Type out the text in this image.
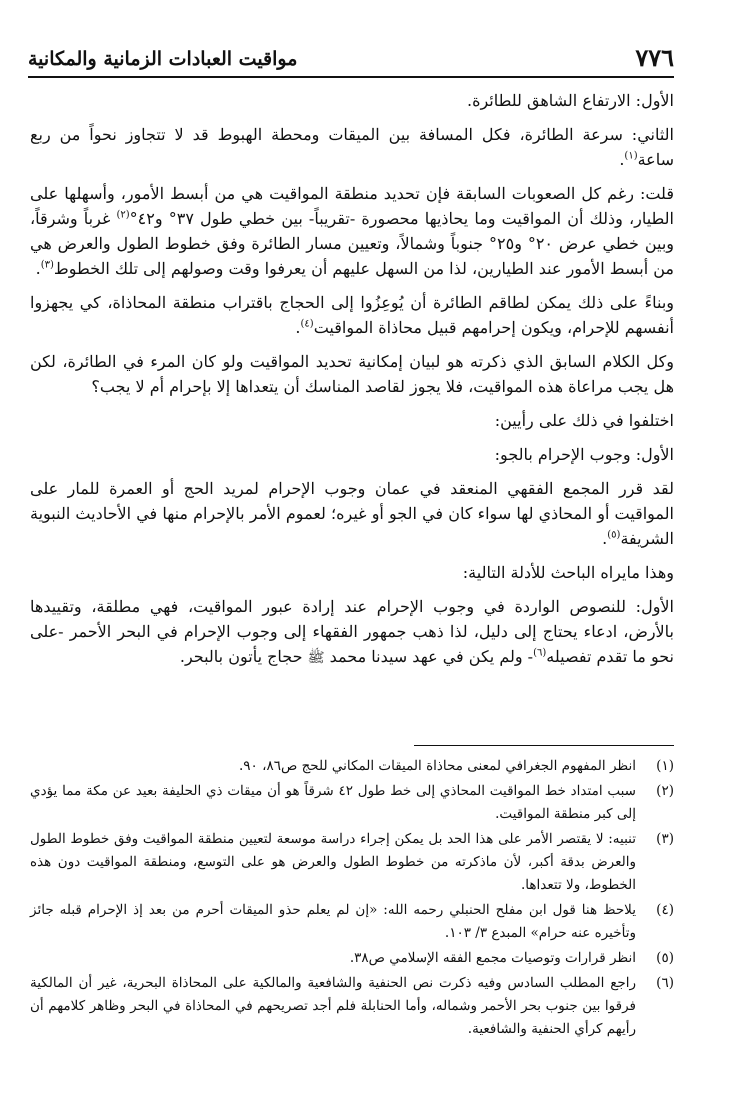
٧٧٦
مواقيت العبادات الزمانية والمكانية

الأول: الارتفاع الشاهق للطائرة.

الثاني: سرعة الطائرة، فكل المسافة بين الميقات ومحطة الهبوط قد لا تتجاوز نحواً من ربع ساعة$^{(١)}$.

قلت: رغم كل الصعوبات السابقة فإن تحديد منطقة المواقيت هي من أبسط الأمور، وأسهلها على الطيار، وذلك أن المواقيت وما يحاذيها محصورة -تقريباً- بين خطي طول ٣٧° و٤٢°$^{(٢)}$ غرباً وشرقاً، وبين خطي عرض ٢٠° و٢٥° جنوباً وشمالاً، وتعيين مسار الطائرة وفق خطوط الطول والعرض هي من أبسط الأمور عند الطيارين، لذا من السهل عليهم أن يعرفوا وقت وصولهم إلى تلك الخطوط$^{(٣)}$.

وبناءً على ذلك يمكن لطاقم الطائرة أن يُوعِزُوا إلى الحجاج باقتراب منطقة المحاذاة، كي يجهزوا أنفسهم للإحرام، ويكون إحرامهم قبيل محاذاة المواقيت$^{(٤)}$.

وكل الكلام السابق الذي ذكرته هو لبيان إمكانية تحديد المواقيت ولو كان المرء في الطائرة، لكن هل يجب مراعاة هذه المواقيت، فلا يجوز لقاصد المناسك أن يتعداها إلا بإحرام أم لا يجب؟

اختلفوا في ذلك على رأيين:

الأول: وجوب الإحرام بالجو:

لقد قرر المجمع الفقهي المنعقد في عمان وجوب الإحرام لمريد الحج أو العمرة للمار على المواقيت أو المحاذي لها سواء كان في الجو أو غيره؛ لعموم الأمر بالإحرام منها في الأحاديث النبوية الشريفة$^{(٥)}$.

وهذا مايراه الباحث للأدلة التالية:

الأول: للنصوص الواردة في وجوب الإحرام عند إرادة عبور المواقيت، فهي مطلقة، وتقييدها بالأرض، ادعاء يحتاج إلى دليل، لذا ذهب جمهور الفقهاء إلى وجوب الإحرام في البحر الأحمر -على نحو ما تقدم تفصيله$^{(٦)}$- ولم يكن في عهد سيدنا محمد ﷺ حجاج يأتون بالبحر.

(١)
انظر المفهوم الجغرافي لمعنى محاذاة الميقات المكاني للحج ص٨٦، ٩٠.
(٢)
سبب امتداد خط المواقيت المحاذي إلى خط طول ٤٢ شرقاً هو أن ميقات ذي الحليفة بعيد عن مكة مما يؤدي إلى كبر منطقة المواقيت.
(٣)
تنبيه: لا يقتصر الأمر على هذا الحد بل يمكن إجراء دراسة موسعة لتعيين منطقة المواقيت وفق خطوط الطول والعرض بدقة أكبر، لأن ماذكرته من خطوط الطول والعرض هو على التوسع، ومنطقة المواقيت دون هذه الخطوط، ولا تتعداها.
(٤)
يلاحظ هنا قول ابن مفلح الحنبلي رحمه الله: «إن لم يعلم حذو الميقات أحرم من بعد إذ الإحرام قبله جائز وتأخيره عنه حرام» المبدع ٣/ ١٠٣.
(٥)
انظر قرارات وتوصيات مجمع الفقه الإسلامي ص٣٨.
(٦)
راجع المطلب السادس وفيه ذكرت نص الحنفية والشافعية والمالكية على المحاذاة البحرية، غير أن المالكية فرقوا بين جنوب بحر الأحمر وشماله، وأما الحنابلة فلم أجد تصريحهم في المحاذاة في البحر وظاهر كلامهم أن رأيهم كرأي الحنفية والشافعية.
